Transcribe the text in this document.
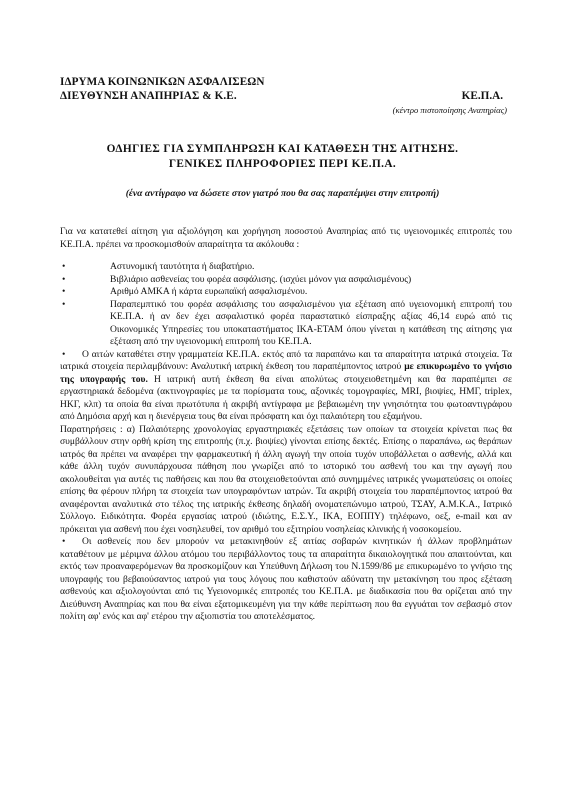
ΙΔΡΥΜΑ ΚΟΙΝΩΝΙΚΩΝ ΑΣΦΑΛΙΣΕΩΝ
ΔΙΕΥΘΥΝΣΗ ΑΝΑΠΗΡΙΑΣ & Κ.Ε.	ΚΕ.Π.Α.
(κέντρο πιστοποίησης Αναπηρίας)
ΟΔΗΓΙΕΣ ΓΙΑ ΣΥΜΠΛΗΡΩΣΗ ΚΑΙ ΚΑΤΑΘΕΣΗ ΤΗΣ ΑΙΤΗΣΗΣ.
ΓΕΝΙΚΕΣ ΠΛΗΡΟΦΟΡΙΕΣ ΠΕΡΙ ΚΕ.Π.Α.
(ένα αντίγραφο να δώσετε στον γιατρό που θα σας παραπέμψει στην επιτροπή)

Για να κατατεθεί αίτηση για αξιολόγηση και χορήγηση ποσοστού Αναπηρίας από τις υγειονομικές επιτροπές του ΚΕ.Π.Α. πρέπει να προσκομισθούν απαραίτητα τα ακόλουθα :

•	Αστυνομική ταυτότητα ή διαβατήριο.

•	Βιβλιάριο ασθενείας του φορέα ασφάλισης. (ισχύει μόνον για ασφαλισμένους)

•	Αριθμό ΑΜΚΑ ή κάρτα ευρωπαϊκή ασφαλισμένου.

•	Παραπεμπτικό του φορέα ασφάλισης του ασφαλισμένου για εξέταση από υγειονομική επιτροπή του ΚΕ.Π.Α. ή αν δεν έχει ασφαλιστικό φορέα παραστατικό είσπραξης αξίας 46,14 ευρώ από τις Οικονομικές Υπηρεσίες του υποκαταστήματος ΙΚΑ-ΕΤΑΜ όπου γίνεται η κατάθεση της αίτησης για εξέταση από την υγειονομική επιτροπή του ΚΕ.Π.Α.

• Ο αιτών καταθέτει στην γραμματεία ΚΕ.Π.Α. εκτός από τα παραπάνω και τα απαραίτητα ιατρικά στοιχεία. Τα ιατρικά στοιχεία περιλαμβάνουν: Αναλυτική ιατρική έκθεση του παραπέμποντος ιατρού με επικυρωμένο το γνήσιο της υπογραφής του. Η ιατρική αυτή έκθεση θα είναι απολύτως στοιχειοθετημένη και θα παραπέμπει σε εργαστηριακά δεδομένα (ακτινογραφίες με τα πορίσματα τους, αξονικές τομογραφίες, MRI, βιοψίες, ΗΜΓ, triplex, ΗΚΓ, κλπ) τα οποία θα είναι πρωτότυπα ή ακριβή αντίγραφα με βεβαιωμένη την γνησιότητα του φωτοαντιγράφου από Δημόσια αρχή και η διενέργεια τους θα είναι πρόσφατη και όχι παλαιότερη του εξαμήνου.

Παρατηρήσεις : α) Παλαιότερης χρονολογίας εργαστηριακές εξετάσεις των οποίων τα στοιχεία κρίνεται πως θα συμβάλλουν στην ορθή κρίση της επιτροπής (π.χ. βιοψίες) γίνονται επίσης δεκτές. Επίσης ο παραπάνω, ως θεράπων ιατρός θα πρέπει να αναφέρει την φαρμακευτική ή άλλη αγωγή την οποία τυχόν υποβάλλεται ο ασθενής, αλλά και κάθε άλλη τυχόν συνυπάρχουσα πάθηση που γνωρίζει από το ιστορικό του ασθενή του και την αγωγή που ακολουθείται για αυτές τις παθήσεις και που θα στοιχειοθετούνται από συνημμένες ιατρικές γνωματεύσεις οι οποίες επίσης θα φέρουν πλήρη τα στοιχεία των υπογραφόντων ιατρών. Τα ακριβή στοιχεία του παραπέμποντος ιατρού θα αναφέρονται αναλυτικά στο τέλος της ιατρικής έκθεσης δηλαδή ονοματεπώνυμο ιατρού, ΤΣΑΥ, Α.Μ.Κ.Α., Ιατρικό Σύλλογο. Ειδικότητα. Φορέα εργασίας ιατρού (ιδιώτης, Ε.Σ.Υ., ΙΚΑ, ΕΟΠΠΥ) τηλέφωνο, οεξ, e-mail και αν πρόκειται για ασθενή που έχει νοσηλευθεί, τον αριθμό του εξιτηρίου νοσηλείας κλινικής ή νοσοκομείου.

• Οι ασθενείς που δεν μπορούν να μετακινηθούν εξ αιτίας σοβαρών κινητικών ή άλλων προβλημάτων καταθέτουν με μέριμνα άλλου ατόμου του περιβάλλοντος τους τα απαραίτητα δικαιολογητικά που απαιτούνται, και εκτός των προαναφερόμενων θα προσκομίζουν και Υπεύθυνη Δήλωση του Ν.1599/86 με επικυρωμένο το γνήσιο της υπογραφής του βεβαιούσαντος ιατρού για τους λόγους που καθιστούν αδύνατη την μετακίνηση του προς εξέταση ασθενούς και αξιολογούνται από τις Υγειονομικές επιτροπές του ΚΕ.Π.Α. με διαδικασία που θα ορίζεται από την Διεύθυνση Αναπηρίας και που θα είναι εξατομικευμένη για την κάθε περίπτωση που θα εγγυάται τον σεβασμό στον πολίτη αφ' ενός και αφ' ετέρου την αξιοπιστία του αποτελέσματος.
